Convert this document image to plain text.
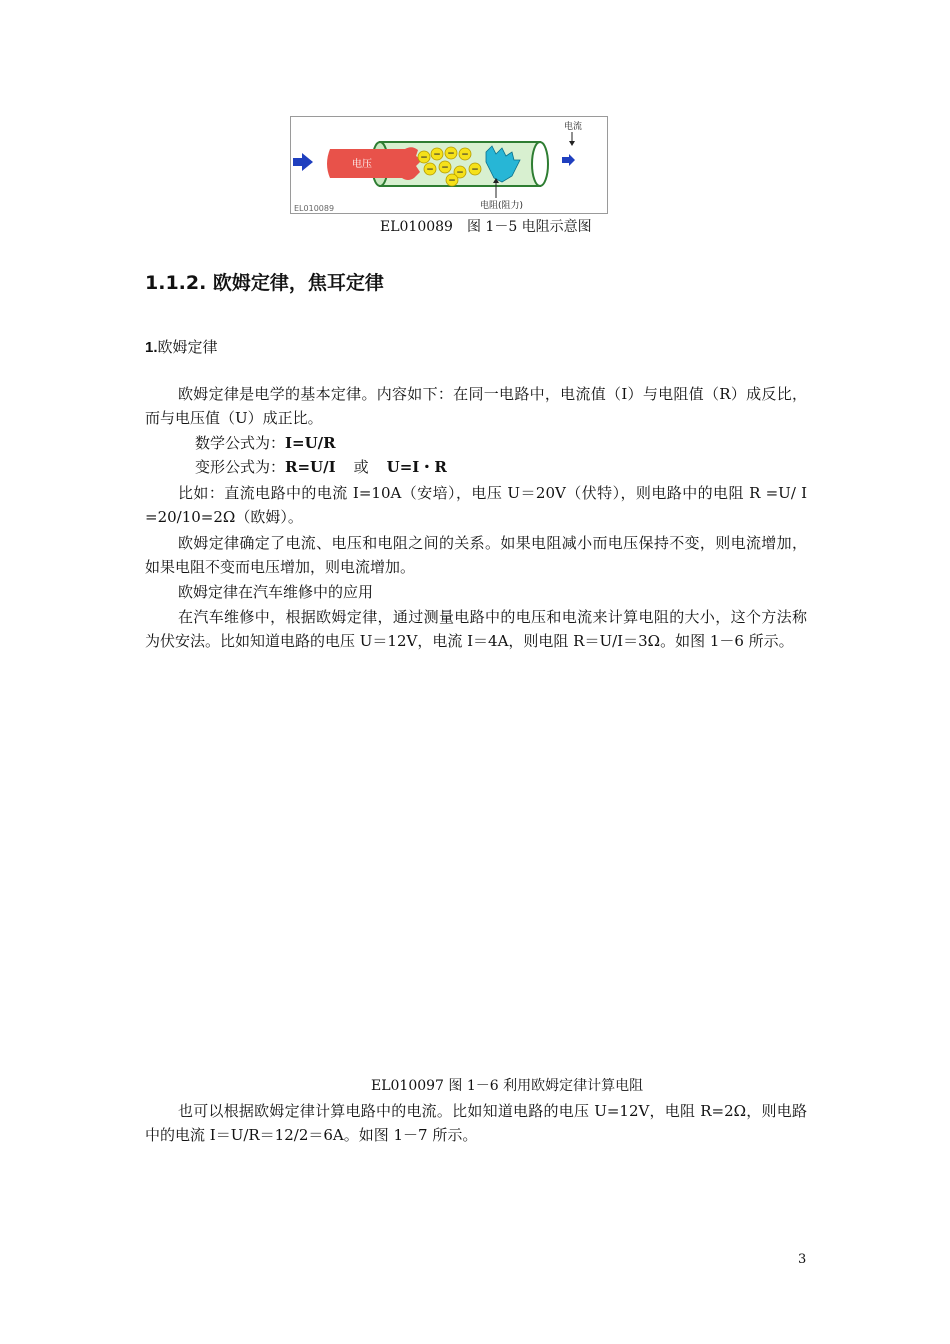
− − − −
− − − −
−
电流
电压
电阻(阻力)
EL010089
EL010089　图 1－5 电阻示意图
1.1.2. 欧姆定律，焦耳定律
1.欧姆定律
欧姆定律是电学的基本定律。内容如下：在同一电路中，电流值（I）与电阻值（R）成反比，而与电压值（U）成正比。
数学公式为：I=U/R
变形公式为：R=U/I 或 U=I・R
比如：直流电路中的电流 I=10A（安培），电压 U＝20V（伏特），则电路中的电阻 R =U/ I =20/10=2Ω（欧姆）。
欧姆定律确定了电流、电压和电阻之间的关系。如果电阻减小而电压保持不变，则电流增加，如果电阻不变而电压增加，则电流增加。
欧姆定律在汽车维修中的应用
在汽车维修中，根据欧姆定律，通过测量电路中的电压和电流来计算电阻的大小，这个方法称为伏安法。比如知道电路的电压 U＝12V，电流 I＝4A，则电阻 R＝U/I＝3Ω。如图 1－6 所示。
EL010097 图 1－6 利用欧姆定律计算电阻
也可以根据欧姆定律计算电路中的电流。比如知道电路的电压 U=12V，电阻 R=2Ω，则电路中的电流 I＝U/R＝12/2＝6A。如图 1－7 所示。
3
